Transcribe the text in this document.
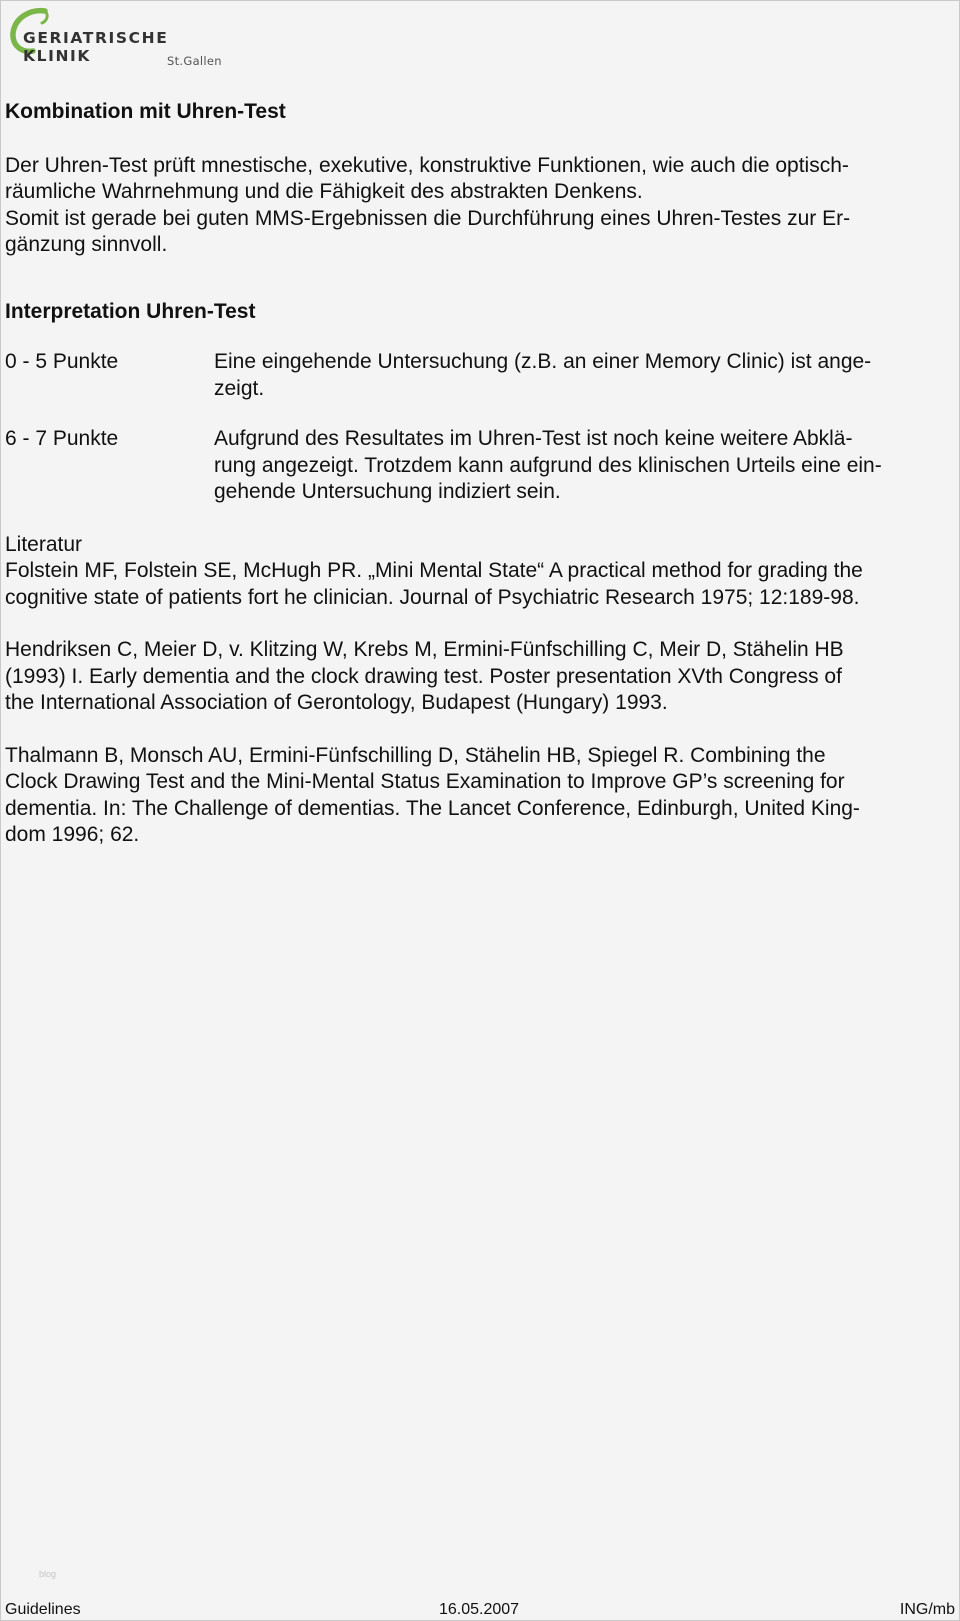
GERIATRISCHE KLINIK	St.Gallen
Kombination mit Uhren-Test
Der Uhren-Test prüft mnestische, exekutive, konstruktive Funktionen, wie auch die optisch-
räumliche Wahrnehmung und die Fähigkeit des abstrakten Denkens.
Somit ist gerade bei guten MMS-Ergebnissen die Durchführung eines Uhren-Testes zur Er-
gänzung sinnvoll.
Interpretation Uhren-Test
0 - 5 Punkte	Eine eingehende Untersuchung (z.B. an einer Memory Clinic) ist ange-
zeigt.
6 - 7 Punkte	Aufgrund des Resultates im Uhren-Test ist noch keine weitere Abklä-
rung angezeigt. Trotzdem kann aufgrund des klinischen Urteils eine ein-
gehende Untersuchung indiziert sein.
Literatur
Folstein MF, Folstein SE, McHugh PR. „Mini Mental State“ A practical method for grading the
cognitive state of patients fort he clinician. Journal of Psychiatric Research 1975; 12:189-98.
Hendriksen C, Meier D, v. Klitzing W, Krebs M, Ermini-Fünfschilling C, Meir D, Stähelin HB
(1993) I. Early dementia and the clock drawing test. Poster presentation XVth Congress of
the International Association of Gerontology, Budapest (Hungary) 1993.
Thalmann B, Monsch AU, Ermini-Fünfschilling D, Stähelin HB, Spiegel R. Combining the
Clock Drawing Test and the Mini-Mental Status Examination to Improve GP’s screening for
dementia. In: The Challenge of dementias. The Lancet Conference, Edinburgh, United King-
dom 1996; 62.
blog
Guidelines	16.05.2007	ING/mb
